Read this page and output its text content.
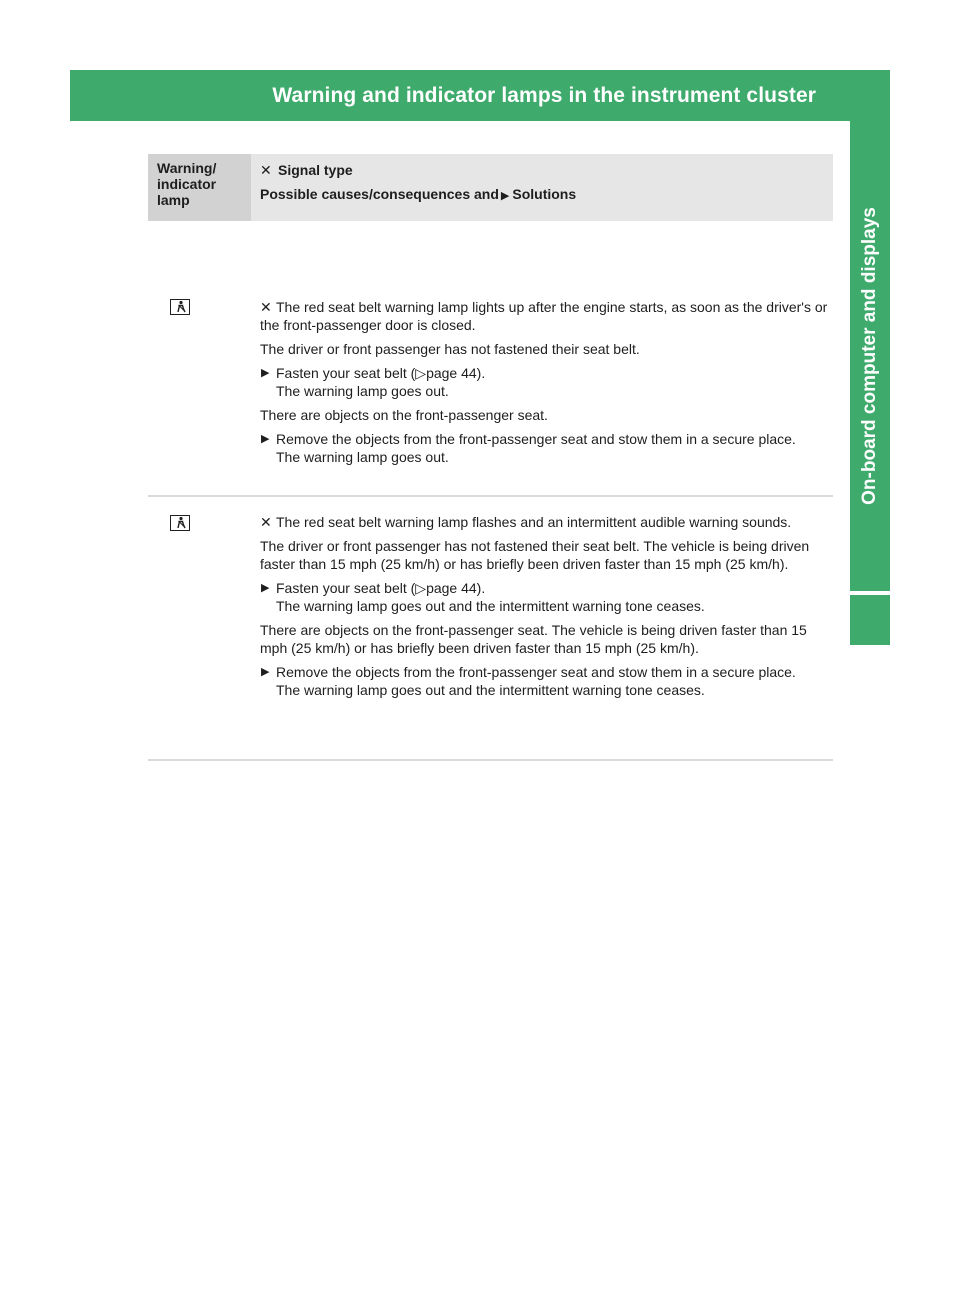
Warning and indicator lamps in the instrument cluster	233
On-board computer and displays
Warning/ indicator lamp
✕ Signal type
Possible causes/consequences and ▶ Solutions
✕ The red seat belt warning lamp lights up after the engine starts, as soon as the driver's or the front-passenger door is closed.
The driver or front passenger has not fastened their seat belt.
▶ Fasten your seat belt (▷page 44).
The warning lamp goes out.
There are objects on the front-passenger seat.
▶ Remove the objects from the front-passenger seat and stow them in a secure place.
The warning lamp goes out.
✕ The red seat belt warning lamp flashes and an intermittent audible warning sounds.
The driver or front passenger has not fastened their seat belt. The vehicle is being driven faster than 15 mph (25 km/h) or has briefly been driven faster than 15 mph (25 km/h).
▶ Fasten your seat belt (▷page 44).
The warning lamp goes out and the intermittent warning tone ceases.
There are objects on the front-passenger seat. The vehicle is being driven faster than 15 mph (25 km/h) or has briefly been driven faster than 15 mph (25 km/h).
▶ Remove the objects from the front-passenger seat and stow them in a secure place.
The warning lamp goes out and the intermittent warning tone ceases.
